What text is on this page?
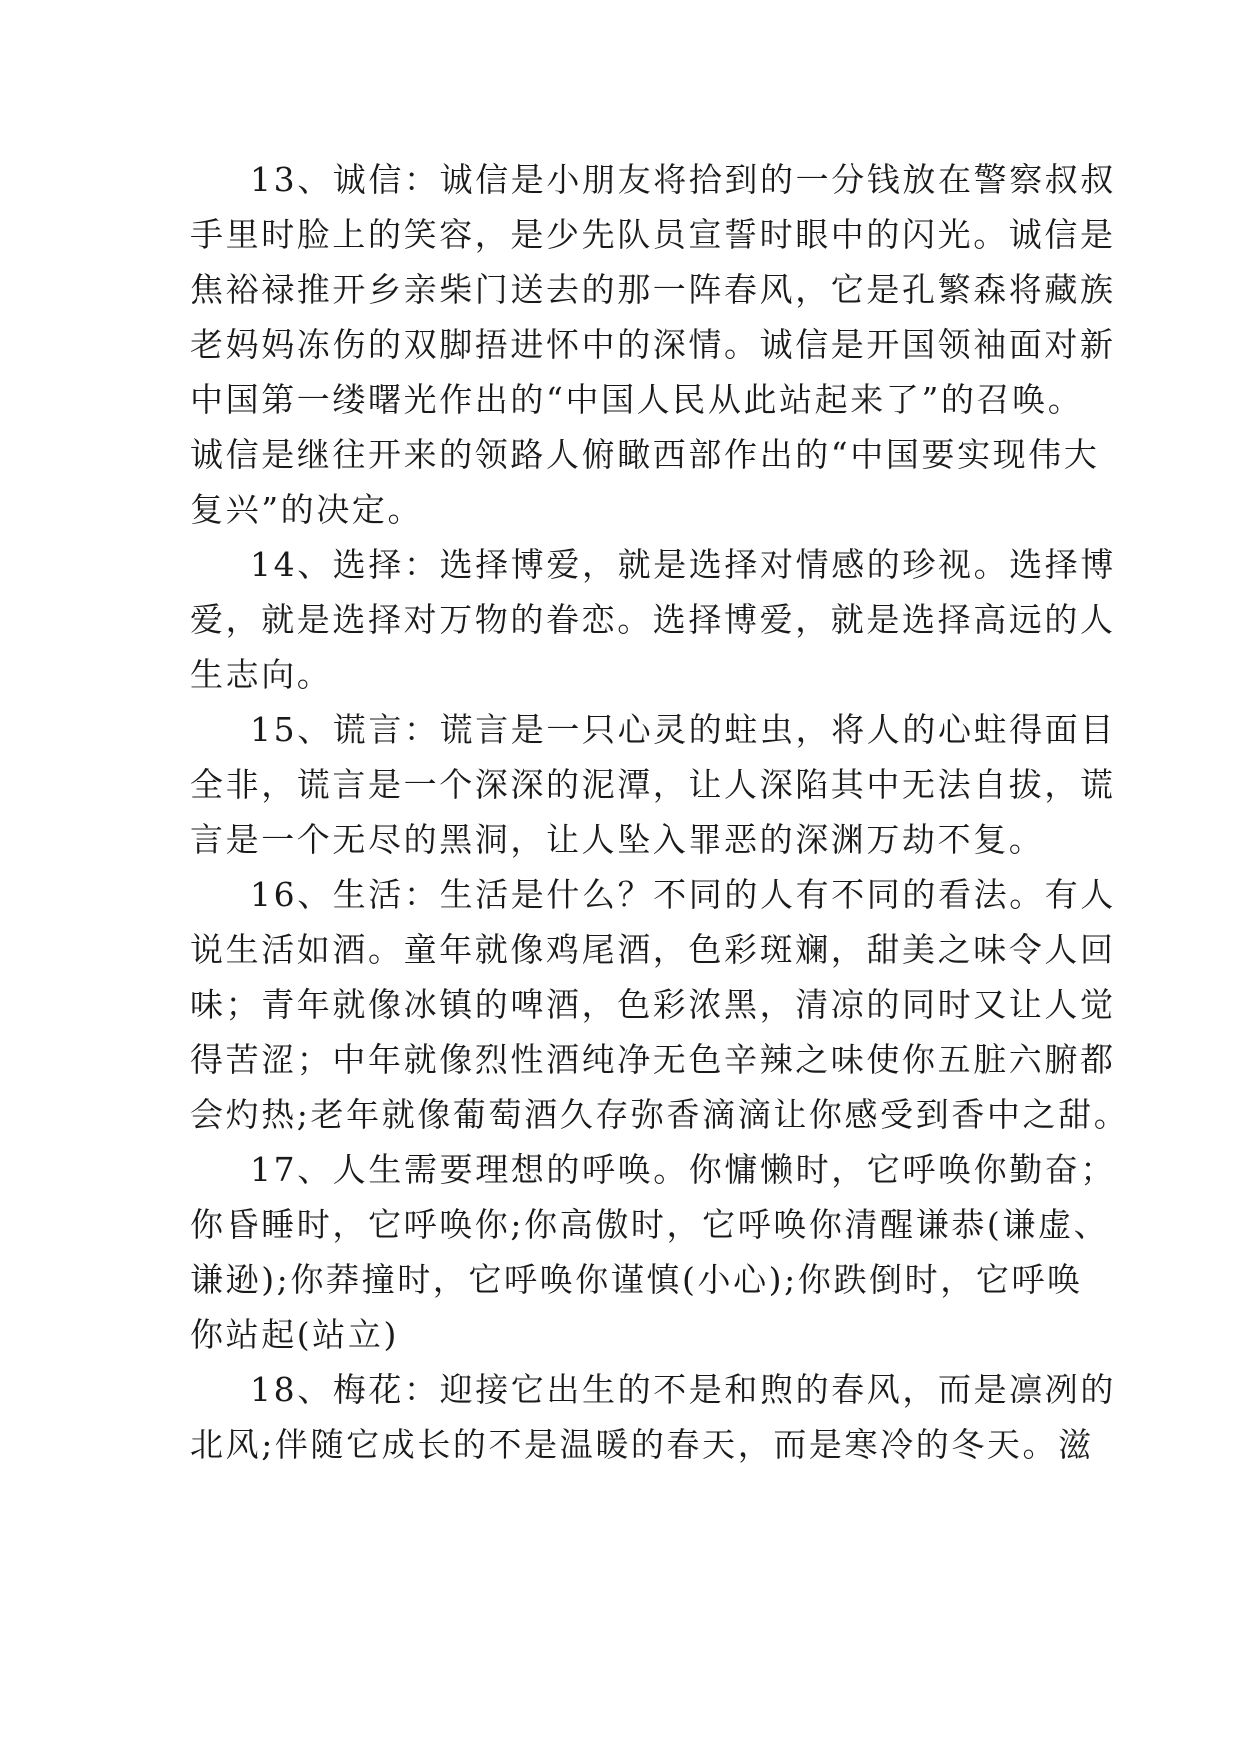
13、诚信：诚信是小朋友将拾到的一分钱放在警察叔叔
手里时脸上的笑容，是少先队员宣誓时眼中的闪光。诚信是
焦裕禄推开乡亲柴门送去的那一阵春风，它是孔繁森将藏族
老妈妈冻伤的双脚捂进怀中的深情。诚信是开国领袖面对新
中国第一缕曙光作出的“中国人民从此站起来了”的召唤。
诚信是继往开来的领路人俯瞰西部作出的“中国要实现伟大
复兴”的决定。
14、选择：选择博爱，就是选择对情感的珍视。选择博
爱，就是选择对万物的眷恋。选择博爱，就是选择高远的人
生志向。
15、谎言：谎言是一只心灵的蛀虫，将人的心蛀得面目
全非，谎言是一个深深的泥潭，让人深陷其中无法自拔，谎
言是一个无尽的黑洞，让人坠入罪恶的深渊万劫不复。
16、生活：生活是什么？不同的人有不同的看法。有人
说生活如酒。童年就像鸡尾酒，色彩斑斓，甜美之味令人回
味；青年就像冰镇的啤酒，色彩浓黑，清凉的同时又让人觉
得苦涩；中年就像烈性酒纯净无色辛辣之味使你五脏六腑都
会灼热;老年就像葡萄酒久存弥香滴滴让你感受到香中之甜。
17、人生需要理想的呼唤。你慵懒时，它呼唤你勤奋；
你昏睡时，它呼唤你;你高傲时，它呼唤你清醒谦恭(谦虚、
谦逊);你莽撞时，它呼唤你谨慎(小心);你跌倒时，它呼唤
你站起(站立)
18、梅花：迎接它出生的不是和煦的春风，而是凛冽的
北风;伴随它成长的不是温暖的春天，而是寒冷的冬天。滋
